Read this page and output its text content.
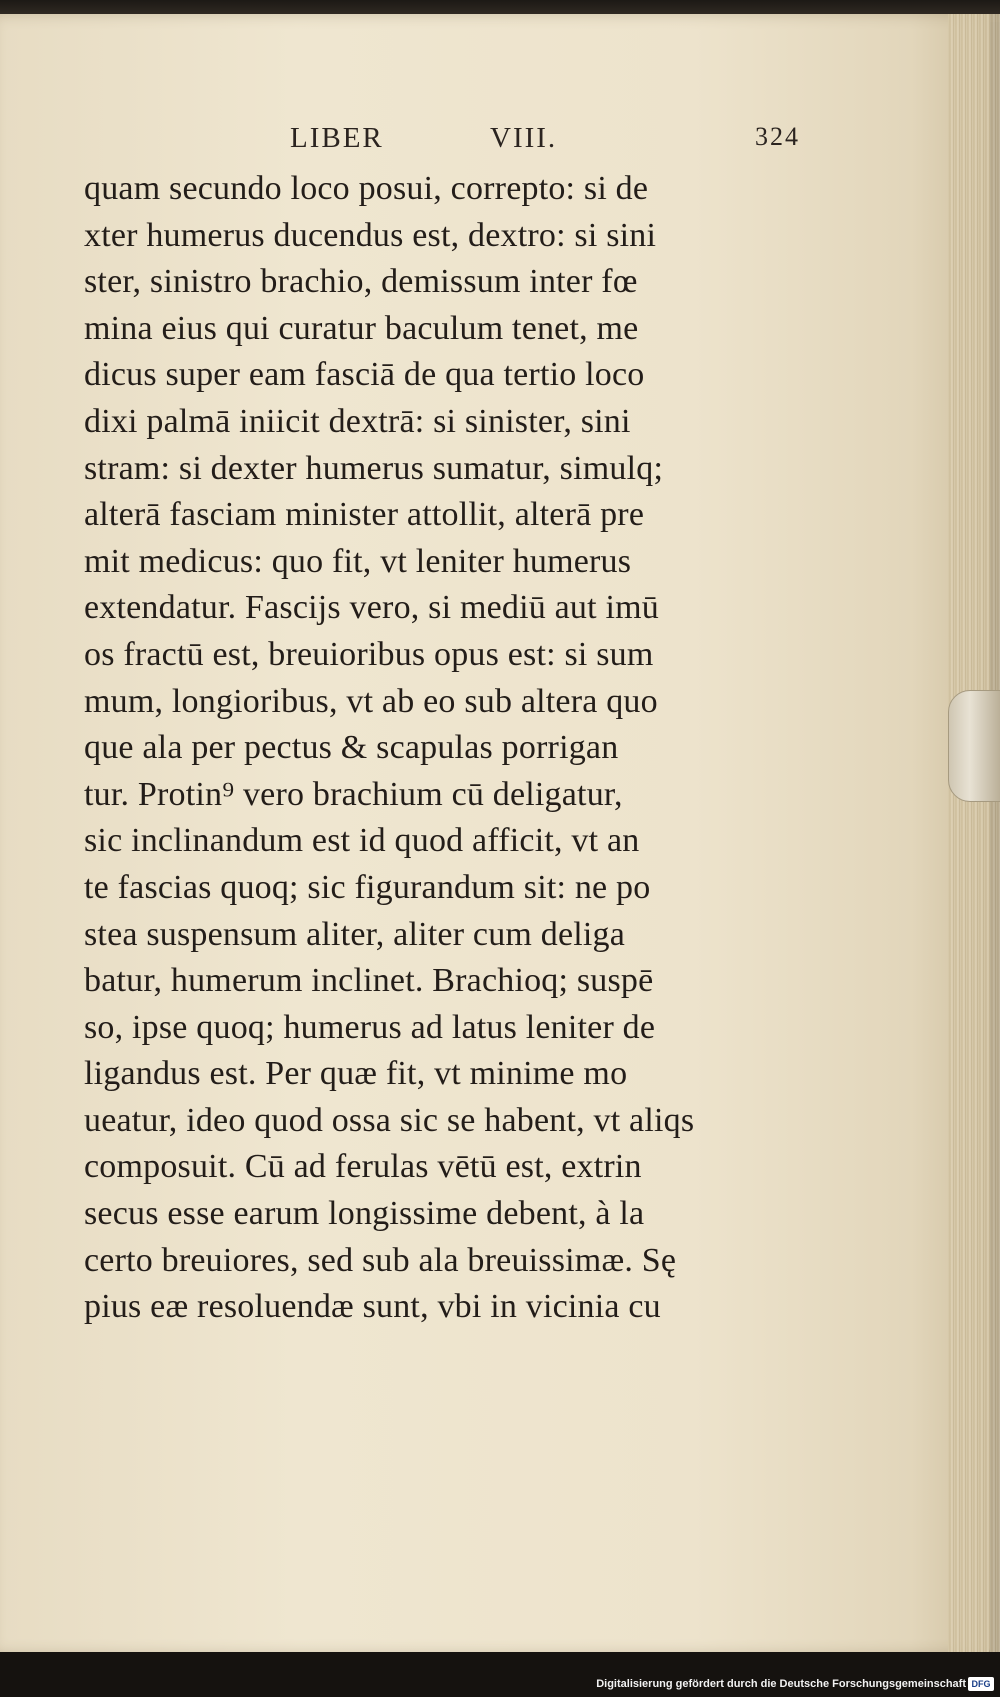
LIBER	VIII.	324
quam secundo loco posui, correpto: si de
xter humerus ducendus est, dextro: si sini
ster, sinistro brachio, demissum inter fœ
mina eius qui curatur baculum tenet, me
dicus super eam fasciā de qua tertio loco
dixi palmā iniicit dextrā: si sinister, sini
stram: si dexter humerus sumatur, simulq;
alterā fasciam minister attollit, alterā pre
mit medicus: quo fit, vt leniter humerus
extendatur. Fascijs vero, si mediū aut imū
os fractū est, breuioribus opus est: si sum
mum, longioribus, vt ab eo sub altera quo
que ala per pectus & scapulas porrigan
tur. Protin⁹ vero brachium cū deligatur,
sic inclinandum est id quod afficit, vt an
te fascias quoq; sic figurandum sit: ne po
stea suspensum aliter, aliter cum deliga
batur, humerum inclinet. Brachioq; suspē
so, ipse quoq; humerus ad latus leniter de
ligandus est. Per quæ fit, vt minime mo
ueatur, ideo quod ossa sic se habent, vt aliqs
composuit. Cū ad ferulas vētū est, extrin
secus esse earum longissime debent, à la
certo breuiores, sed sub ala breuissimæ. Sę
pius eæ resoluendæ sunt, vbi in vicinia cu
Digitalisierung gefördert durch die Deutsche Forschungsgemeinschaft DFG
